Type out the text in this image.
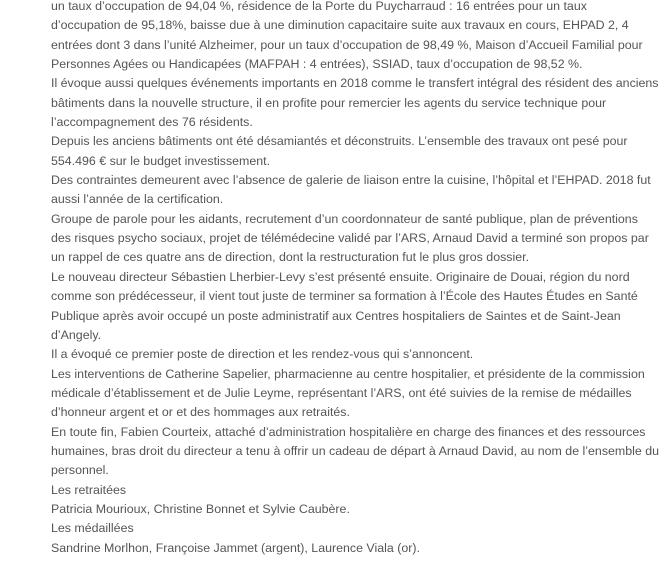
un taux d’occupation de 94,04 %, résidence de la Porte du Puycharraud : 16 entrées pour un taux d’occupation de 95,18%, baisse due à une diminution capacitaire suite aux travaux en cours, EHPAD 2, 4 entrées dont 3 dans l’unité Alzheimer, pour un taux d’occupation de 98,49 %, Maison d’Accueil Familial pour Personnes Agées ou Handicapées (MAFPAH : 4 entrées), SSIAD, taux d’occupation de 98,52 %.

Il évoque aussi quelques événements importants en 2018 comme le transfert intégral des résident des anciens bâtiments dans la nouvelle structure, il en profite pour remercier les agents du service technique pour l’accompagnement des 76 résidents.

Depuis les anciens bâtiments ont été désamiantés et déconstruits. L’ensemble des travaux ont pesé pour 554.496 € sur le budget investissement.

Des contraintes demeurent avec l’absence de galerie de liaison entre la cuisine, l’hôpital et l’EHPAD. 2018 fut aussi l’année de la certification.

Groupe de parole pour les aidants, recrutement d’un coordonnateur de santé publique, plan de préventions des risques psycho sociaux, projet de télémédecine validé par l’ARS, Arnaud David a terminé son propos par un rappel de ces quatre ans de direction, dont la restructuration fut le plus gros dossier.

Le nouveau directeur Sébastien Lherbier-Levy s’est présenté ensuite. Originaire de Douai, région du nord comme son prédécesseur, il vient tout juste de terminer sa formation à l’École des Hautes Études en Santé Publique après avoir occupé un poste administratif aux Centres hospitaliers de Saintes et de Saint-Jean d’Angely.

Il a évoqué ce premier poste de direction et les rendez-vous qui s’annoncent.

Les interventions de Catherine Sapelier, pharmacienne au centre hospitalier, et présidente de la commission médicale d’établissement et de Julie Leyme, représentant l’ARS, ont été suivies de la remise de médailles d’honneur argent et or et des hommages aux retraités.

En toute fin, Fabien Courteix, attaché d’administration hospitalière en charge des finances et des ressources humaines, bras droit du directeur a tenu à offrir un cadeau de départ à Arnaud David, au nom de l’ensemble du personnel.

Les retraitées

Patricia Mourioux, Christine Bonnet et Sylvie Caubère.

Les médaillées

Sandrine Morlhon, Françoise Jammet (argent), Laurence Viala (or).
